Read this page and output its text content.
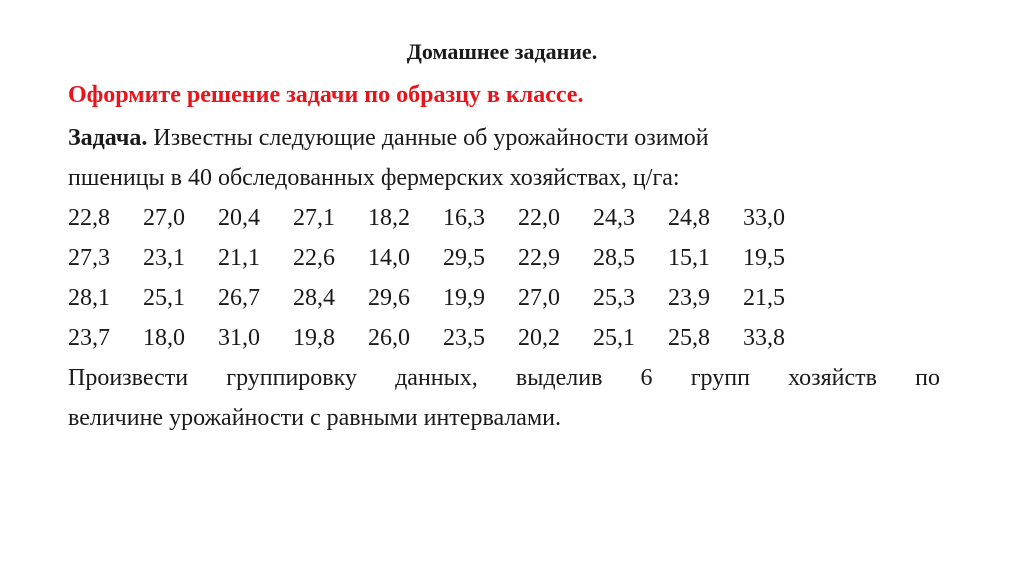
Домашнее задание.
Оформите решение задачи по образцу в классе.

Задача. Известны следующие данные об урожайности озимой

пшеницы в 40 обследованных фермерских хозяйствах, ц/га:

22,8	27,0	20,4	27,1	18,2	16,3	22,0	24,3	24,8	33,0
27,3	23,1	21,1	22,6	14,0	29,5	22,9	28,5	15,1	19,5
28,1	25,1	26,7	28,4	29,6	19,9	27,0	25,3	23,9	21,5
23,7	18,0	31,0	19,8	26,0	23,5	20,2	25,1	25,8	33,8

Произвести группировку данных, выделив 6 групп хозяйств по

величине урожайности с равными интервалами.
